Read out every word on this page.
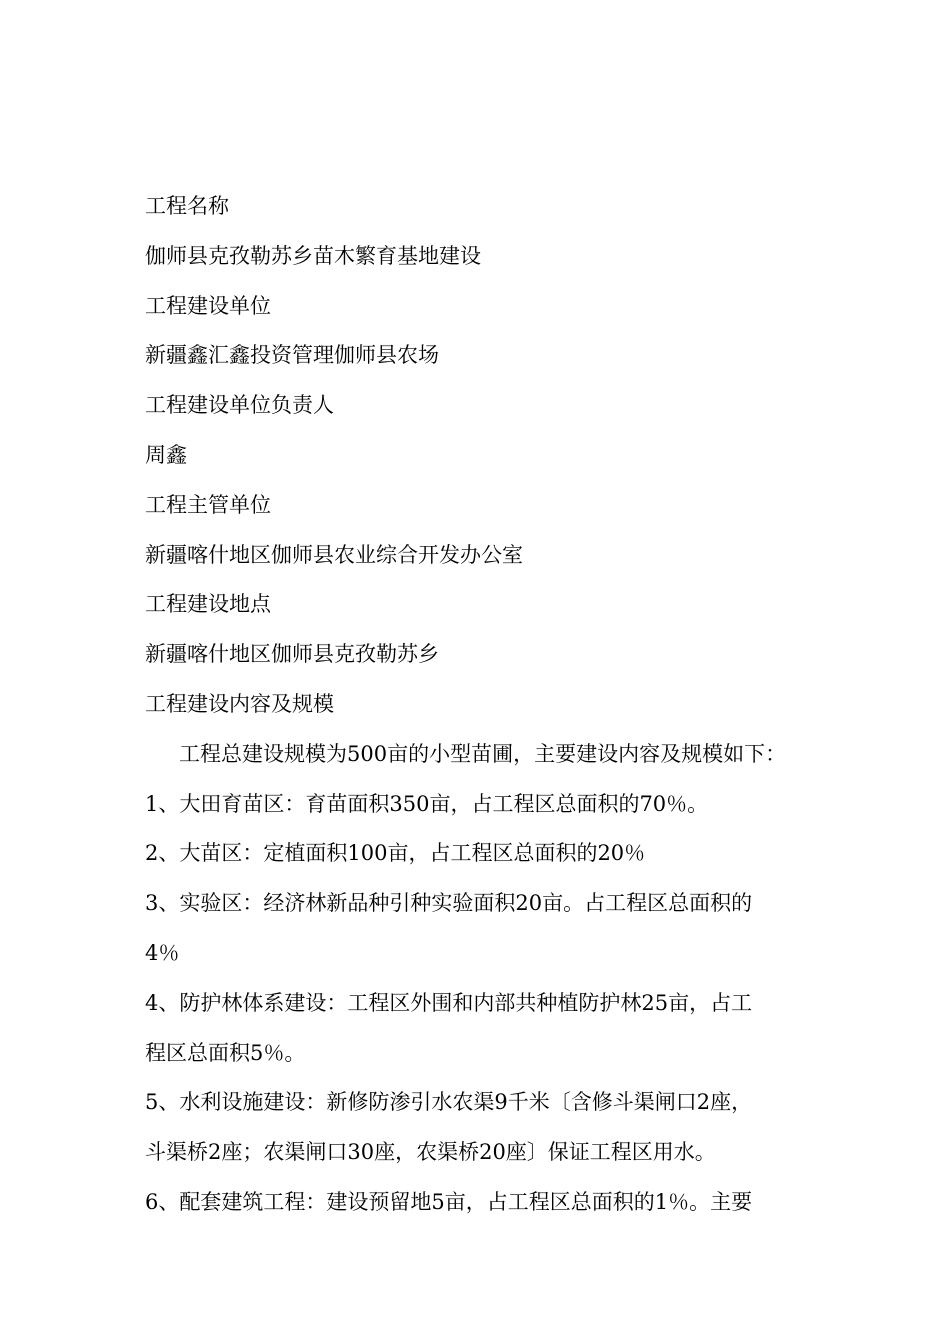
工程名称
伽师县克孜勒苏乡苗木繁育基地建设
工程建设单位
新疆鑫汇鑫投资管理伽师县农场
工程建设单位负责人
周鑫
工程主管单位
新疆喀什地区伽师县农业综合开发办公室
工程建设地点
新疆喀什地区伽师县克孜勒苏乡
工程建设内容及规模
工程总建设规模为500亩的小型苗圃，主要建设内容及规模如下：
1、大田育苗区：育苗面积350亩，占工程区总面积的70％。
2、大苗区：定植面积100亩，占工程区总面积的20％
3、实验区：经济林新品种引种实验面积20亩。占工程区总面积的
4％
4、防护林体系建设：工程区外围和内部共种植防护林25亩，占工
程区总面积5％。
5、水利设施建设：新修防渗引水农渠9千米〔含修斗渠闸口2座，
斗渠桥2座；农渠闸口30座，农渠桥20座〕保证工程区用水。
6、配套建筑工程：建设预留地5亩，占工程区总面积的1％。主要
